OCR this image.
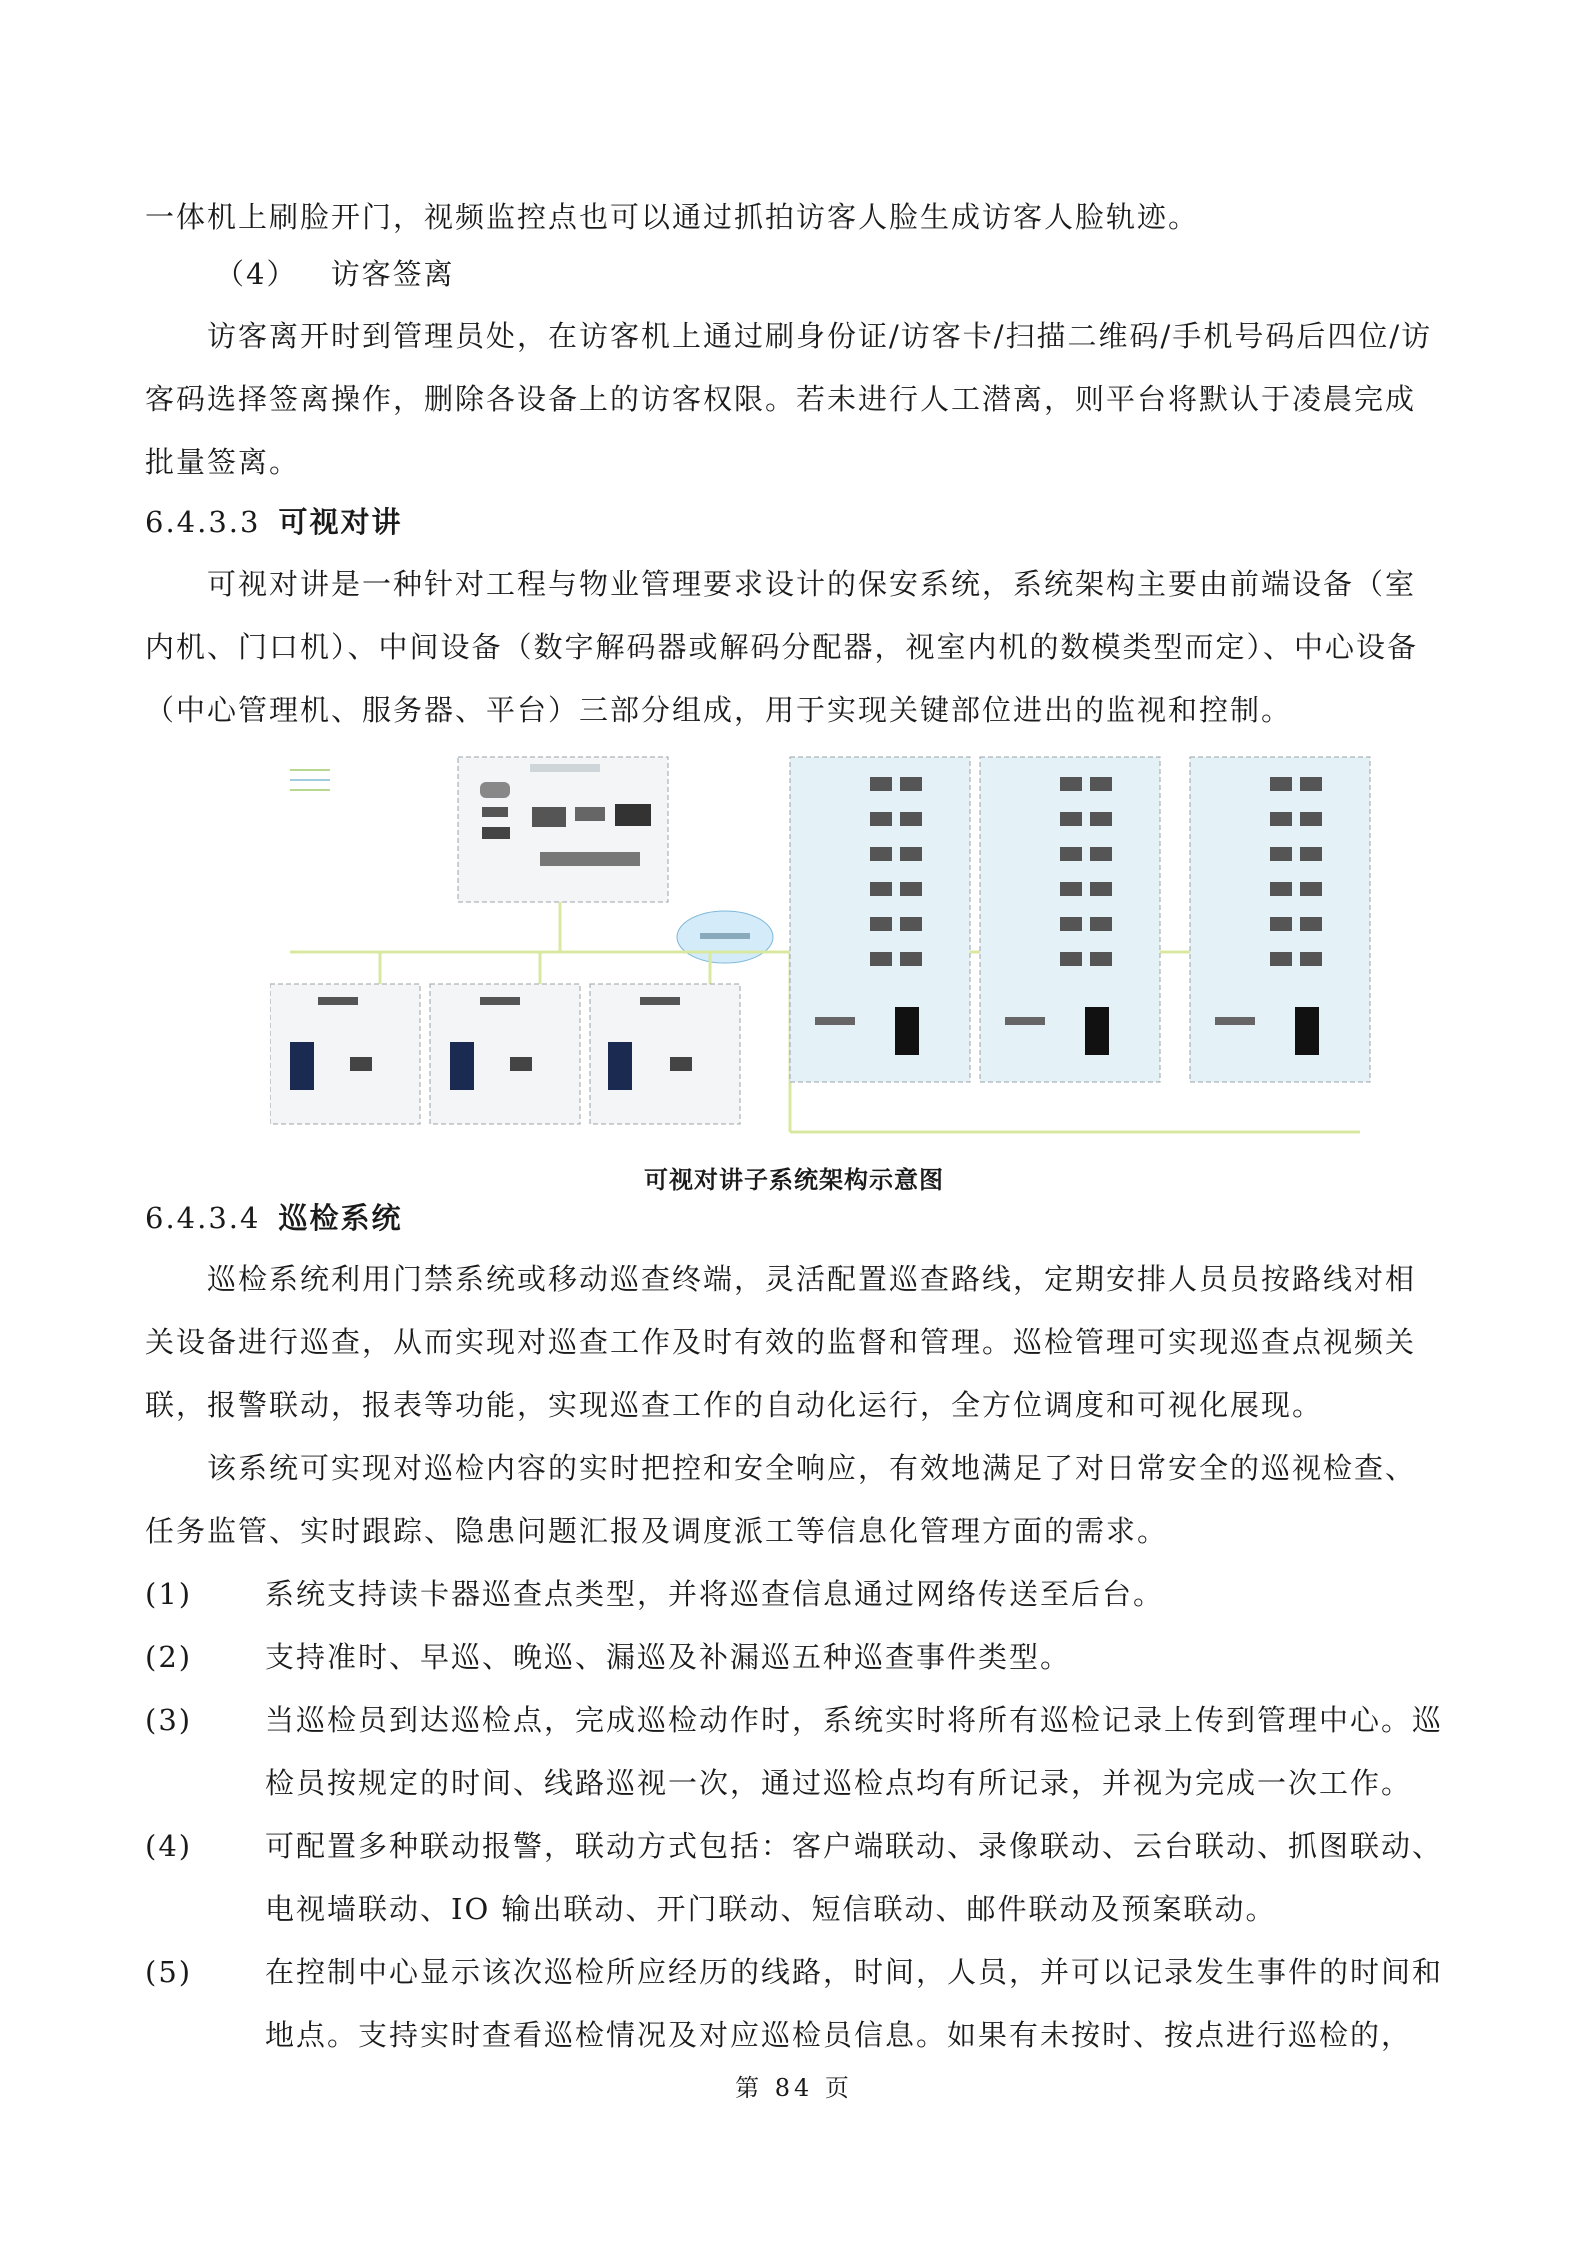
一体机上刷脸开门，视频监控点也可以通过抓拍访客人脸生成访客人脸轨迹。

（4） 访客签离

访客离开时到管理员处，在访客机上通过刷身份证/访客卡/扫描二维码/手机号码后四位/访客码选择签离操作，删除各设备上的访客权限。若未进行人工潜离，则平台将默认于凌晨完成批量签离。

6.4.3.3 可视对讲

可视对讲是一种针对工程与物业管理要求设计的保安系统，系统架构主要由前端设备（室内机、门口机）、中间设备（数字解码器或解码分配器，视室内机的数模类型而定）、中心设备（中心管理机、服务器、平台）三部分组成，用于实现关键部位进出的监视和控制。

可视对讲子系统架构示意图
6.4.3.4 巡检系统

巡检系统利用门禁系统或移动巡查终端，灵活配置巡查路线，定期安排人员员按路线对相关设备进行巡查，从而实现对巡查工作及时有效的监督和管理。巡检管理可实现巡查点视频关联，报警联动，报表等功能，实现巡查工作的自动化运行，全方位调度和可视化展现。

该系统可实现对巡检内容的实时把控和安全响应，有效地满足了对日常安全的巡视检查、任务监管、实时跟踪、隐患问题汇报及调度派工等信息化管理方面的需求。

(1)	系统支持读卡器巡查点类型，并将巡查信息通过网络传送至后台。

(2)	支持准时、早巡、晚巡、漏巡及补漏巡五种巡查事件类型。

(3)	当巡检员到达巡检点，完成巡检动作时，系统实时将所有巡检记录上传到管理中心。巡检员按规定的时间、线路巡视一次，通过巡检点均有所记录，并视为完成一次工作。

(4)	可配置多种联动报警，联动方式包括：客户端联动、录像联动、云台联动、抓图联动、电视墙联动、IO 输出联动、开门联动、短信联动、邮件联动及预案联动。

(5)	在控制中心显示该次巡检所应经历的线路，时间，人员，并可以记录发生事件的时间和地点。支持实时查看巡检情况及对应巡检员信息。如果有未按时、按点进行巡检的，

第 84 页
